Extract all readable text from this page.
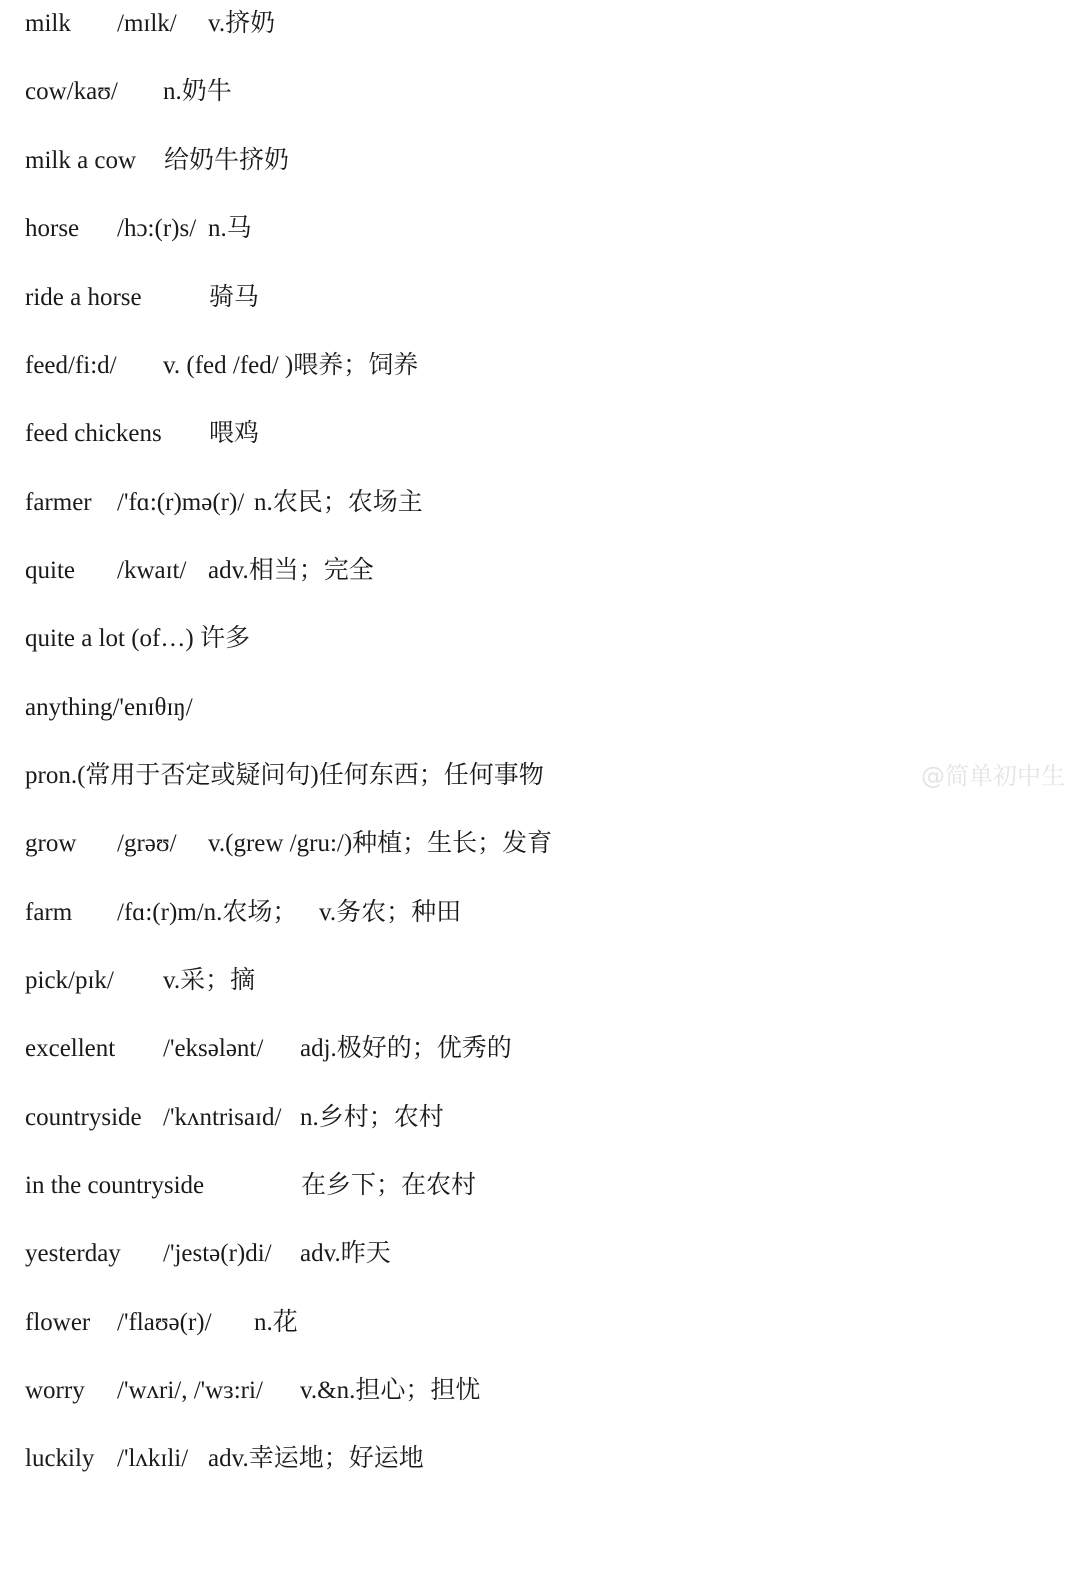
milk

/mɪlk/

v.挤奶

cow/kaʊ/

n.奶牛

milk a cow

给奶牛挤奶

horse

/hɔ:(r)s/

n.马

ride a horse

	骑马

feed/fi:d/

v. (fed /fed/ )喂养；饲养

feed chickens

喂鸡

farmer

/'fɑ:(r)mə(r)/

n.农民；农场主

quite

/kwaɪt/

adv.相当；完全

quite a lot (of…) 许多

anything/'enɪθɪŋ/

pron.(常用于否定或疑问句)任何东西；任何事物

grow

/grəʊ/

v.(grew /gru:/)种植；生长；发育

farm

/fɑ:(r)m/n.农场；

v.务农；种田

pick/pɪk/

v.采；摘

excellent

/'eksələnt/

adj.极好的；优秀的

countryside

/'kʌntrisaɪd/

n.乡村；农村

in the countryside

	在乡下；在农村

yesterday

/'jestə(r)di/

adv.昨天

flower

/'flaʊə(r)/

n.花

worry

/'wʌri/, /'wɜ:ri/

v.&n.担心；担忧

luckily

/'lʌkɪli/

adv.幸运地；好运地

@简单初中生
